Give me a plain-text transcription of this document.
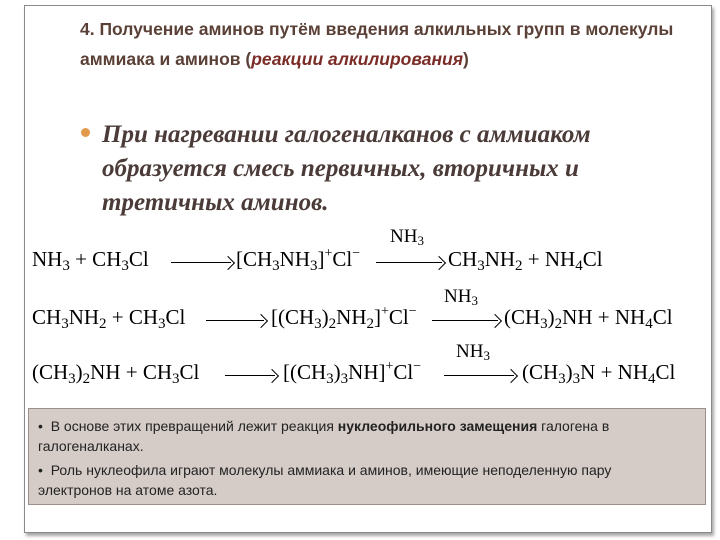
4. Получение аминов путём введения алкильных групп в молекулы аммиака и аминов (реакции алкилирования)
При нагревании галогеналканов с аммиаком образуется смесь первичных, вторичных и третичных аминов.
$NH_3 + CH_3Cl$	$[CH_3NH_3]^+Cl^-$
$NH_3$
$CH_3NH_2 + NH_4Cl$
$CH_3NH_2 + CH_3Cl$	$[(CH_3)_2NH_2]^+Cl^-$
$NH_3$
$(CH_3)_2NH + NH_4Cl$
$(CH_3)_2NH + CH_3Cl$	$[(CH_3)_3NH]^+Cl^-$
$NH_3$
$(CH_3)_3N + NH_4Cl$

• В основе этих превращений лежит реакция нуклеофильного замещения галогена в галогеналканах.

• Роль нуклеофила играют молекулы аммиака и аминов, имеющие неподеленную пару электронов на атоме азота.
